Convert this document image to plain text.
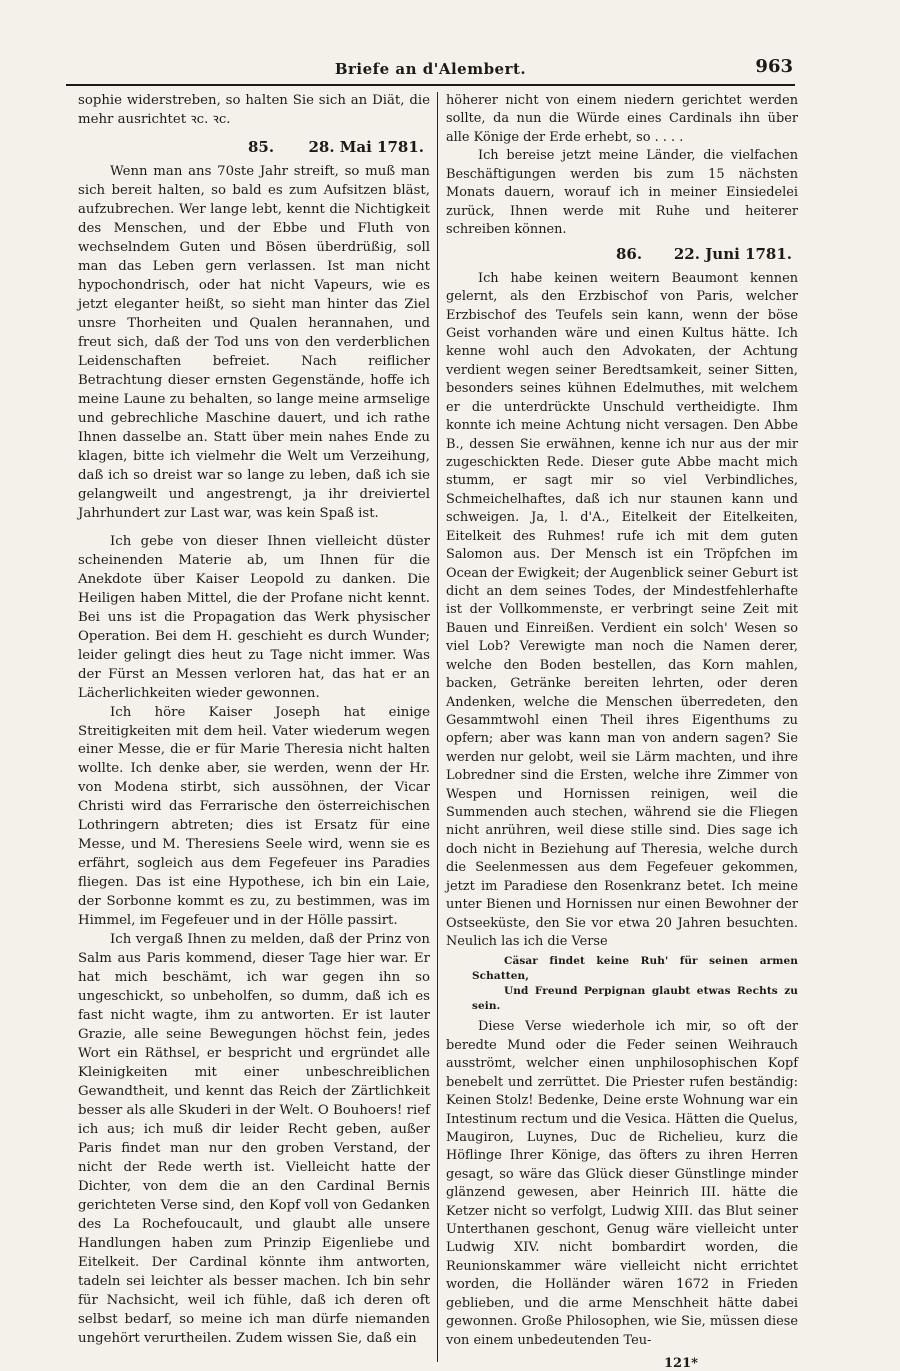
Briefe an d'Alembert.	963

sophie widerstreben, so halten Sie sich an Diät, die mehr ausrichtet ꝛc. ꝛc.

85. 28. Mai 1781.

Wenn man ans 70ste Jahr streift, so muß man sich bereit halten, so bald es zum Aufsitzen bläst, aufzubrechen. Wer lange lebt, kennt die Nichtigkeit des Menschen, und der Ebbe und Fluth von wechselndem Guten und Bösen überdrüßig, soll man das Leben gern verlassen. Ist man nicht hypochondrisch, oder hat nicht Vapeurs, wie es jetzt eleganter heißt, so sieht man hinter das Ziel unsre Thorheiten und Qualen herannahen, und freut sich, daß der Tod uns von den verderblichen Leidenschaften befreiet. Nach reiflicher Betrachtung dieser ernsten Gegenstände, hoffe ich meine Laune zu behalten, so lange meine armselige und gebrechliche Maschine dauert, und ich rathe Ihnen dasselbe an. Statt über mein nahes Ende zu klagen, bitte ich vielmehr die Welt um Verzeihung, daß ich so dreist war so lange zu leben, daß ich sie gelangweilt und angestrengt, ja ihr dreiviertel Jahrhundert zur Last war, was kein Spaß ist.

Ich gebe von dieser Ihnen vielleicht düster scheinenden Materie ab, um Ihnen für die Anekdote über Kaiser Leopold zu danken. Die Heiligen haben Mittel, die der Profane nicht kennt. Bei uns ist die Propagation das Werk physischer Operation. Bei dem H. geschieht es durch Wunder; leider gelingt dies heut zu Tage nicht immer. Was der Fürst an Messen verloren hat, das hat er an Lächerlichkeiten wieder gewonnen.

Ich höre Kaiser Joseph hat einige Streitigkeiten mit dem heil. Vater wiederum wegen einer Messe, die er für Marie Theresia nicht halten wollte. Ich denke aber, sie werden, wenn der Hr. von Modena stirbt, sich aussöhnen, der Vicar Christi wird das Ferrarische den österreichischen Lothringern abtreten; dies ist Ersatz für eine Messe, und M. Theresiens Seele wird, wenn sie es erfährt, sogleich aus dem Fegefeuer ins Paradies fliegen. Das ist eine Hypothese, ich bin ein Laie, der Sorbonne kommt es zu, zu bestimmen, was im Himmel, im Fegefeuer und in der Hölle passirt.

Ich vergaß Ihnen zu melden, daß der Prinz von Salm aus Paris kommend, dieser Tage hier war. Er hat mich beschämt, ich war gegen ihn so ungeschickt, so unbeholfen, so dumm, daß ich es fast nicht wagte, ihm zu antworten. Er ist lauter Grazie, alle seine Bewegungen höchst fein, jedes Wort ein Räthsel, er bespricht und ergründet alle Kleinigkeiten mit einer unbeschreiblichen Gewandtheit, und kennt das Reich der Zärtlichkeit besser als alle Skuderi in der Welt. O Bouhoers! rief ich aus; ich muß dir leider Recht geben, außer Paris findet man nur den groben Verstand, der nicht der Rede werth ist. Vielleicht hatte der Dichter, von dem die an den Cardinal Bernis gerichteten Verse sind, den Kopf voll von Gedanken des La Rochefoucault, und glaubt alle unsere Handlungen haben zum Prinzip Eigenliebe und Eitelkeit. Der Cardinal könnte ihm antworten, tadeln sei leichter als besser machen. Ich bin sehr für Nachsicht, weil ich fühle, daß ich deren oft selbst bedarf, so meine ich man dürfe niemanden ungehört verurtheilen. Zudem wissen Sie, daß ein

höherer nicht von einem niedern gerichtet werden sollte, da nun die Würde eines Cardinals ihn über alle Könige der Erde erhebt, so . . . .

Ich bereise jetzt meine Länder, die vielfachen Beschäftigungen werden bis zum 15 nächsten Monats dauern, worauf ich in meiner Einsiedelei zurück, Ihnen werde mit Ruhe und heiterer schreiben können.

86. 22. Juni 1781.

Ich habe keinen weitern Beaumont kennen gelernt, als den Erzbischof von Paris, welcher Erzbischof des Teufels sein kann, wenn der böse Geist vorhanden wäre und einen Kultus hätte. Ich kenne wohl auch den Advokaten, der Achtung verdient wegen seiner Beredtsamkeit, seiner Sitten, besonders seines kühnen Edelmuthes, mit welchem er die unterdrückte Unschuld vertheidigte. Ihm konnte ich meine Achtung nicht versagen. Den Abbe B., dessen Sie erwähnen, kenne ich nur aus der mir zugeschickten Rede. Dieser gute Abbe macht mich stumm, er sagt mir so viel Verbindliches, Schmeichelhaftes, daß ich nur staunen kann und schweigen. Ja, l. d'A., Eitelkeit der Eitelkeiten, Eitelkeit des Ruhmes! rufe ich mit dem guten Salomon aus. Der Mensch ist ein Tröpfchen im Ocean der Ewigkeit; der Augenblick seiner Geburt ist dicht an dem seines Todes, der Mindestfehlerhafte ist der Vollkommenste, er verbringt seine Zeit mit Bauen und Einreißen. Verdient ein solch' Wesen so viel Lob? Verewigte man noch die Namen derer, welche den Boden bestellen, das Korn mahlen, backen, Getränke bereiten lehrten, oder deren Andenken, welche die Menschen überredeten, den Gesammtwohl einen Theil ihres Eigenthums zu opfern; aber was kann man von andern sagen? Sie werden nur gelobt, weil sie Lärm machten, und ihre Lobredner sind die Ersten, welche ihre Zimmer von Wespen und Hornissen reinigen, weil die Summenden auch stechen, während sie die Fliegen nicht anrühren, weil diese stille sind. Dies sage ich doch nicht in Beziehung auf Theresia, welche durch die Seelenmessen aus dem Fegefeuer gekommen, jetzt im Paradiese den Rosenkranz betet. Ich meine unter Bienen und Hornissen nur einen Bewohner der Ostseeküste, den Sie vor etwa 20 Jahren besuchten. Neulich las ich die Verse

Cäsar findet keine Ruh' für seinen armen Schatten,

Und Freund Perpignan glaubt etwas Rechts zu sein.

Diese Verse wiederhole ich mir, so oft der beredte Mund oder die Feder seinen Weihrauch ausströmt, welcher einen unphilosophischen Kopf benebelt und zerrüttet. Die Priester rufen beständig: Keinen Stolz! Bedenke, Deine erste Wohnung war ein Intestinum rectum und die Vesica. Hätten die Quelus, Maugiron, Luynes, Duc de Richelieu, kurz die Höflinge Ihrer Könige, das öfters zu ihren Herren gesagt, so wäre das Glück dieser Günstlinge minder glänzend gewesen, aber Heinrich III. hätte die Ketzer nicht so verfolgt, Ludwig XIII. das Blut seiner Unterthanen geschont, Genug wäre vielleicht unter Ludwig XIV. nicht bombardirt worden, die Reunionskammer wäre vielleicht nicht errichtet worden, die Holländer wären 1672 in Frieden geblieben, und die arme Menschheit hätte dabei gewonnen. Große Philosophen, wie Sie, müssen diese von einem unbedeutenden Teu-

121*
